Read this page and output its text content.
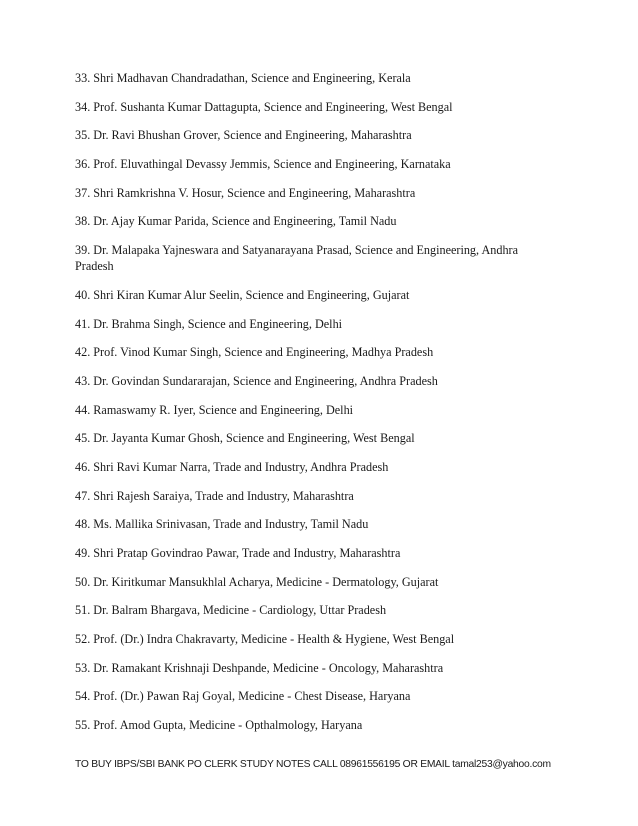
33. Shri Madhavan Chandradathan, Science and Engineering, Kerala
34. Prof. Sushanta Kumar Dattagupta, Science and Engineering, West Bengal
35. Dr. Ravi Bhushan Grover, Science and Engineering, Maharashtra
36. Prof. Eluvathingal Devassy Jemmis, Science and Engineering, Karnataka
37. Shri Ramkrishna V. Hosur, Science and Engineering, Maharashtra
38. Dr. Ajay Kumar Parida, Science and Engineering, Tamil Nadu
39. Dr. Malapaka Yajneswara and Satyanarayana Prasad, Science and Engineering, Andhra Pradesh
40. Shri Kiran Kumar Alur Seelin, Science and Engineering, Gujarat
41. Dr. Brahma Singh, Science and Engineering, Delhi
42. Prof. Vinod Kumar Singh, Science and Engineering, Madhya Pradesh
43. Dr. Govindan Sundararajan, Science and Engineering, Andhra Pradesh
44. Ramaswamy R. Iyer, Science and Engineering, Delhi
45. Dr. Jayanta Kumar Ghosh, Science and Engineering, West Bengal
46. Shri Ravi Kumar Narra, Trade and Industry, Andhra Pradesh
47. Shri Rajesh Saraiya, Trade and Industry, Maharashtra
48. Ms. Mallika Srinivasan, Trade and Industry, Tamil Nadu
49. Shri Pratap Govindrao Pawar, Trade and Industry, Maharashtra
50. Dr. Kiritkumar Mansukhlal Acharya, Medicine - Dermatology, Gujarat
51. Dr. Balram Bhargava, Medicine - Cardiology, Uttar Pradesh
52. Prof. (Dr.) Indra Chakravarty, Medicine - Health & Hygiene, West Bengal
53. Dr. Ramakant Krishnaji Deshpande, Medicine - Oncology, Maharashtra
54. Prof. (Dr.) Pawan Raj Goyal, Medicine - Chest Disease, Haryana
55. Prof. Amod Gupta, Medicine - Opthalmology, Haryana
TO BUY IBPS/SBI BANK PO CLERK STUDY NOTES CALL 08961556195 OR EMAIL tamal253@yahoo.com
